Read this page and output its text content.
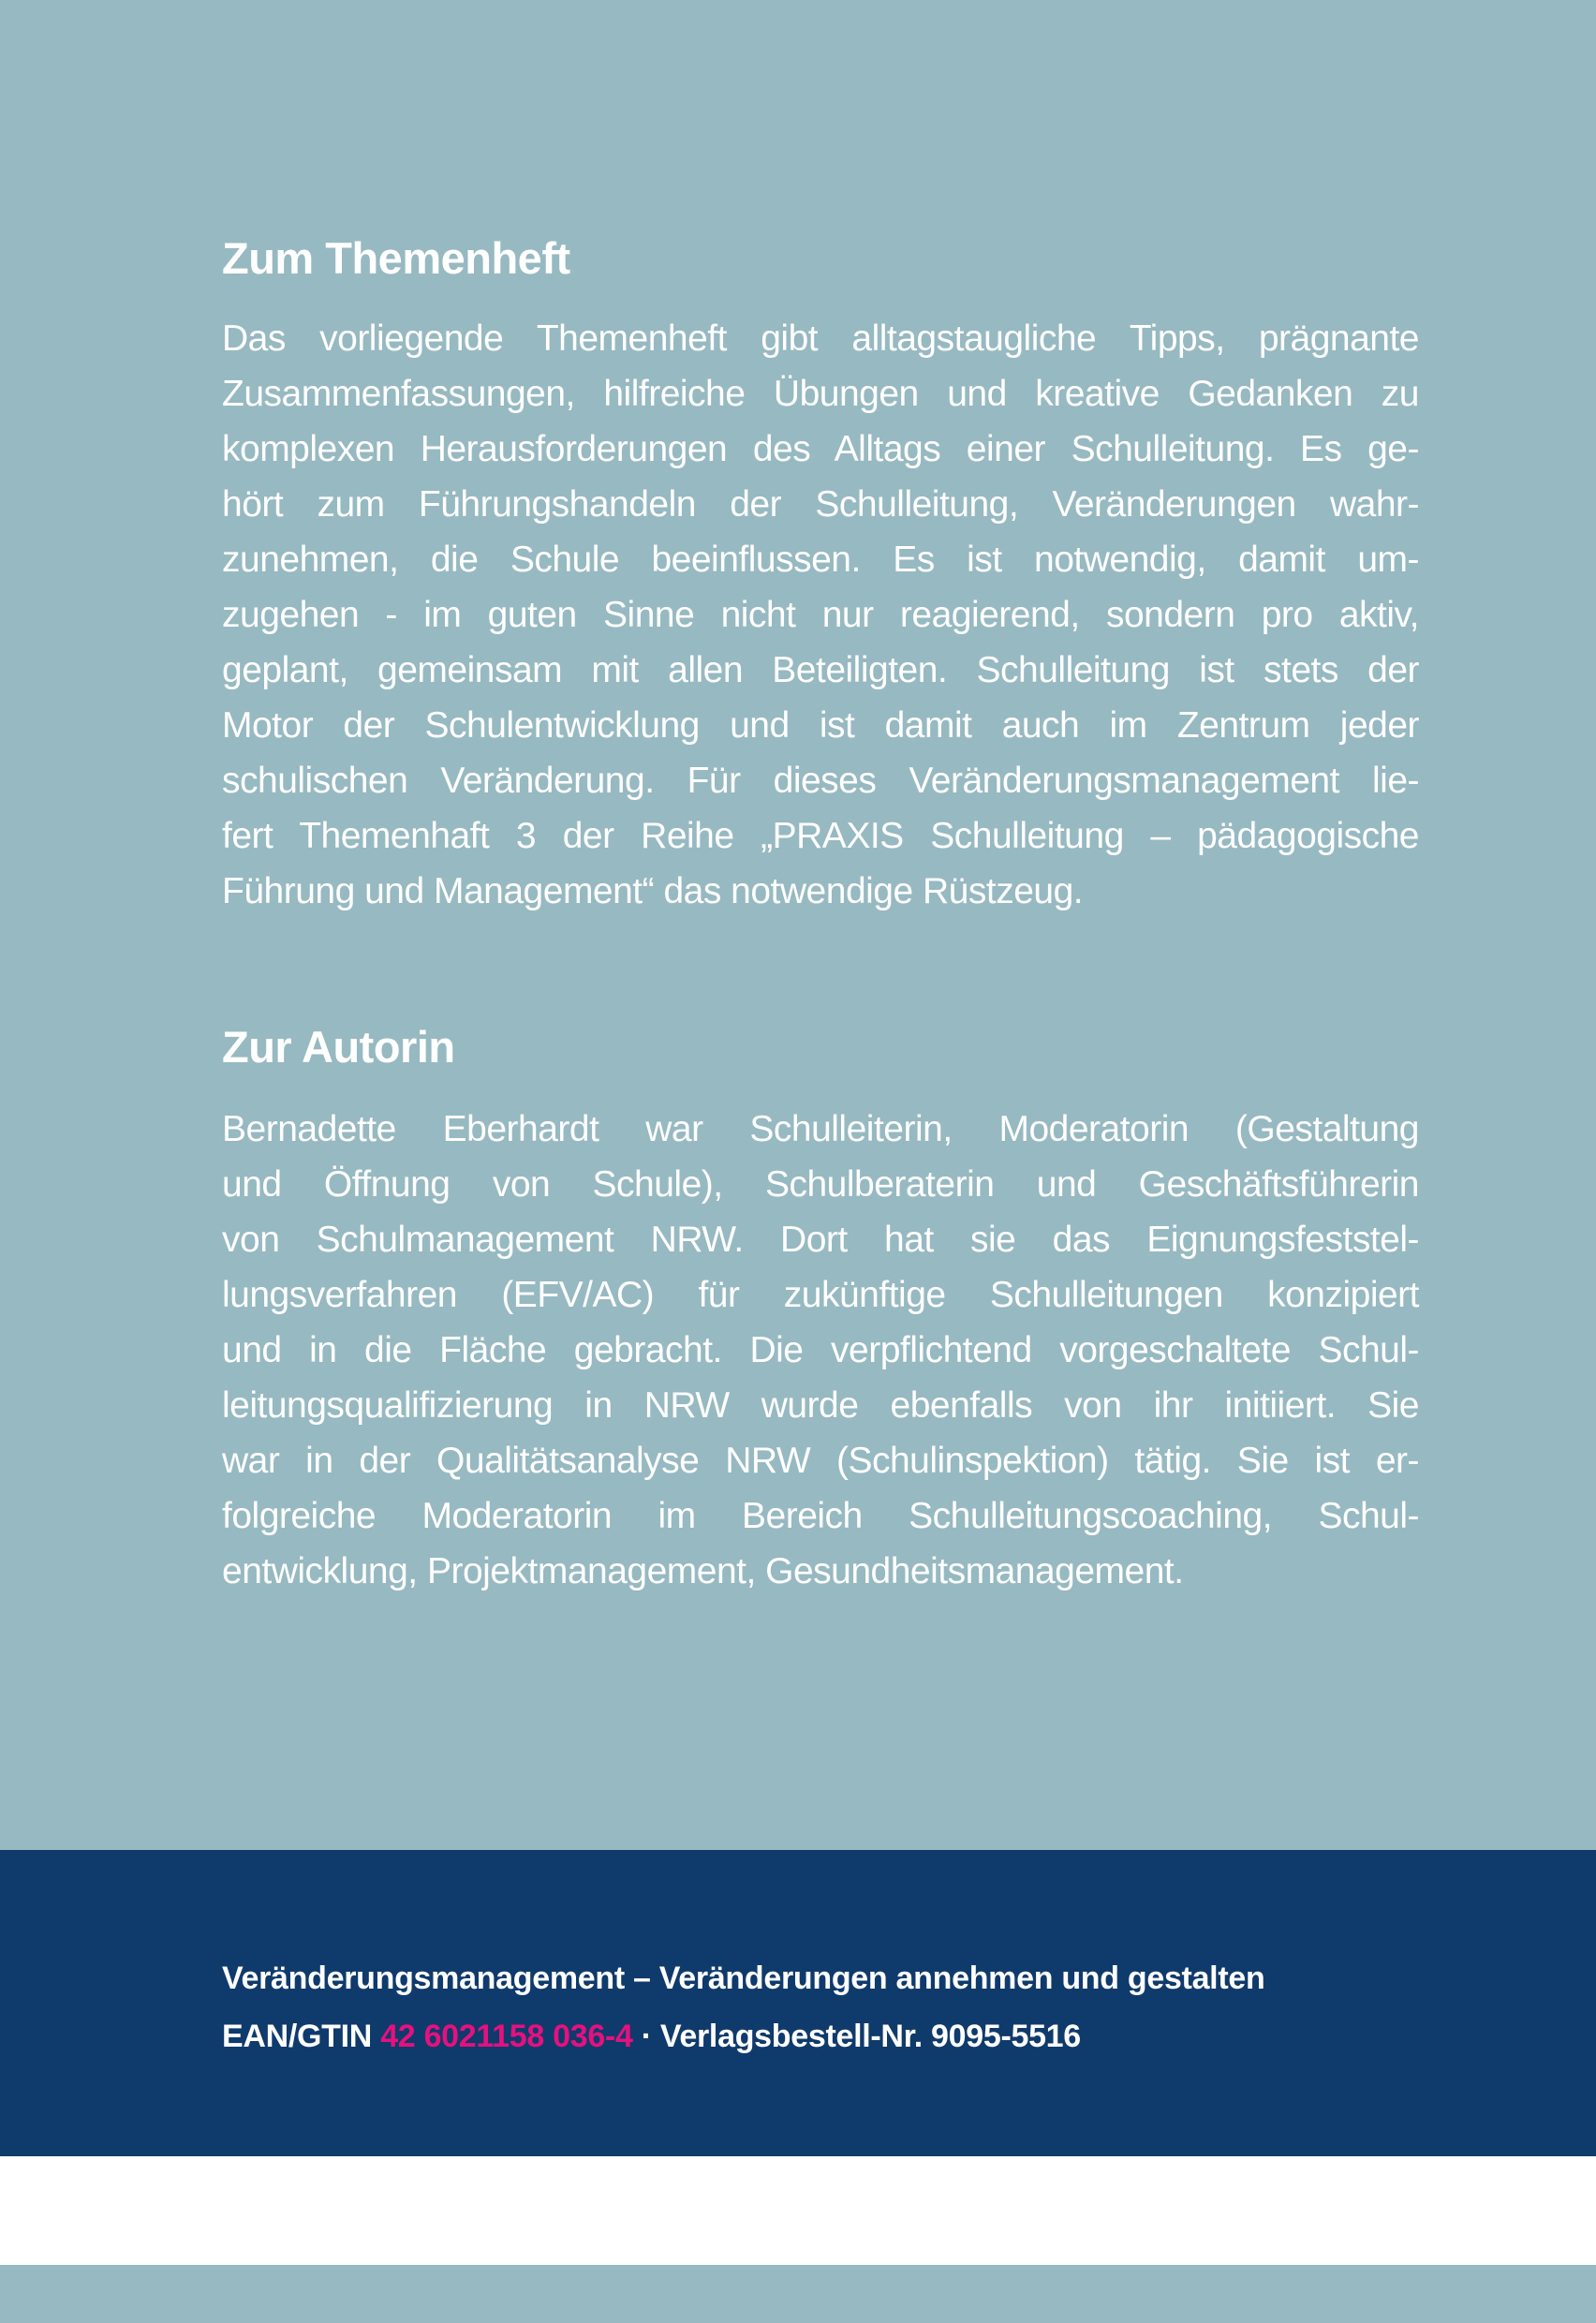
Zum Themenheft
Das vorliegende Themenheft gibt alltagstaugliche Tipps, prägnante
Zusammenfassungen, hilfreiche Übungen und kreative Gedanken zu
komplexen Herausforderungen des Alltags einer Schulleitung. Es ge-
hört zum Führungshandeln der Schulleitung, Veränderungen wahr-
zunehmen, die Schule beeinflussen. Es ist notwendig, damit um-
zugehen - im guten Sinne nicht nur reagierend, sondern pro aktiv,
geplant, gemeinsam mit allen Beteiligten. Schulleitung ist stets der
Motor der Schulentwicklung und ist damit auch im Zentrum jeder
schulischen Veränderung. Für dieses Veränderungsmanagement lie-
fert Themenhaft 3 der Reihe „PRAXIS Schulleitung – pädagogische
Führung und Management“ das notwendige Rüstzeug.
Zur Autorin
Bernadette Eberhardt war Schulleiterin, Moderatorin (Gestaltung
und Öffnung von Schule), Schulberaterin und Geschäftsführerin
von Schulmanagement NRW. Dort hat sie das Eignungsfeststel-
lungsverfahren (EFV/AC) für zukünftige Schulleitungen konzipiert
und in die Fläche gebracht. Die verpflichtend vorgeschaltete Schul-
leitungsqualifizierung in NRW wurde ebenfalls von ihr initiiert. Sie
war in der Qualitätsanalyse NRW (Schulinspektion) tätig. Sie ist er-
folgreiche Moderatorin im Bereich Schulleitungscoaching, Schul-
entwicklung, Projektmanagement, Gesundheitsmanagement.
Veränderungsmanagement – Veränderungen annehmen und gestalten
EAN/GTIN 42 6021158 036-4 · Verlagsbestell-Nr. 9095-5516
